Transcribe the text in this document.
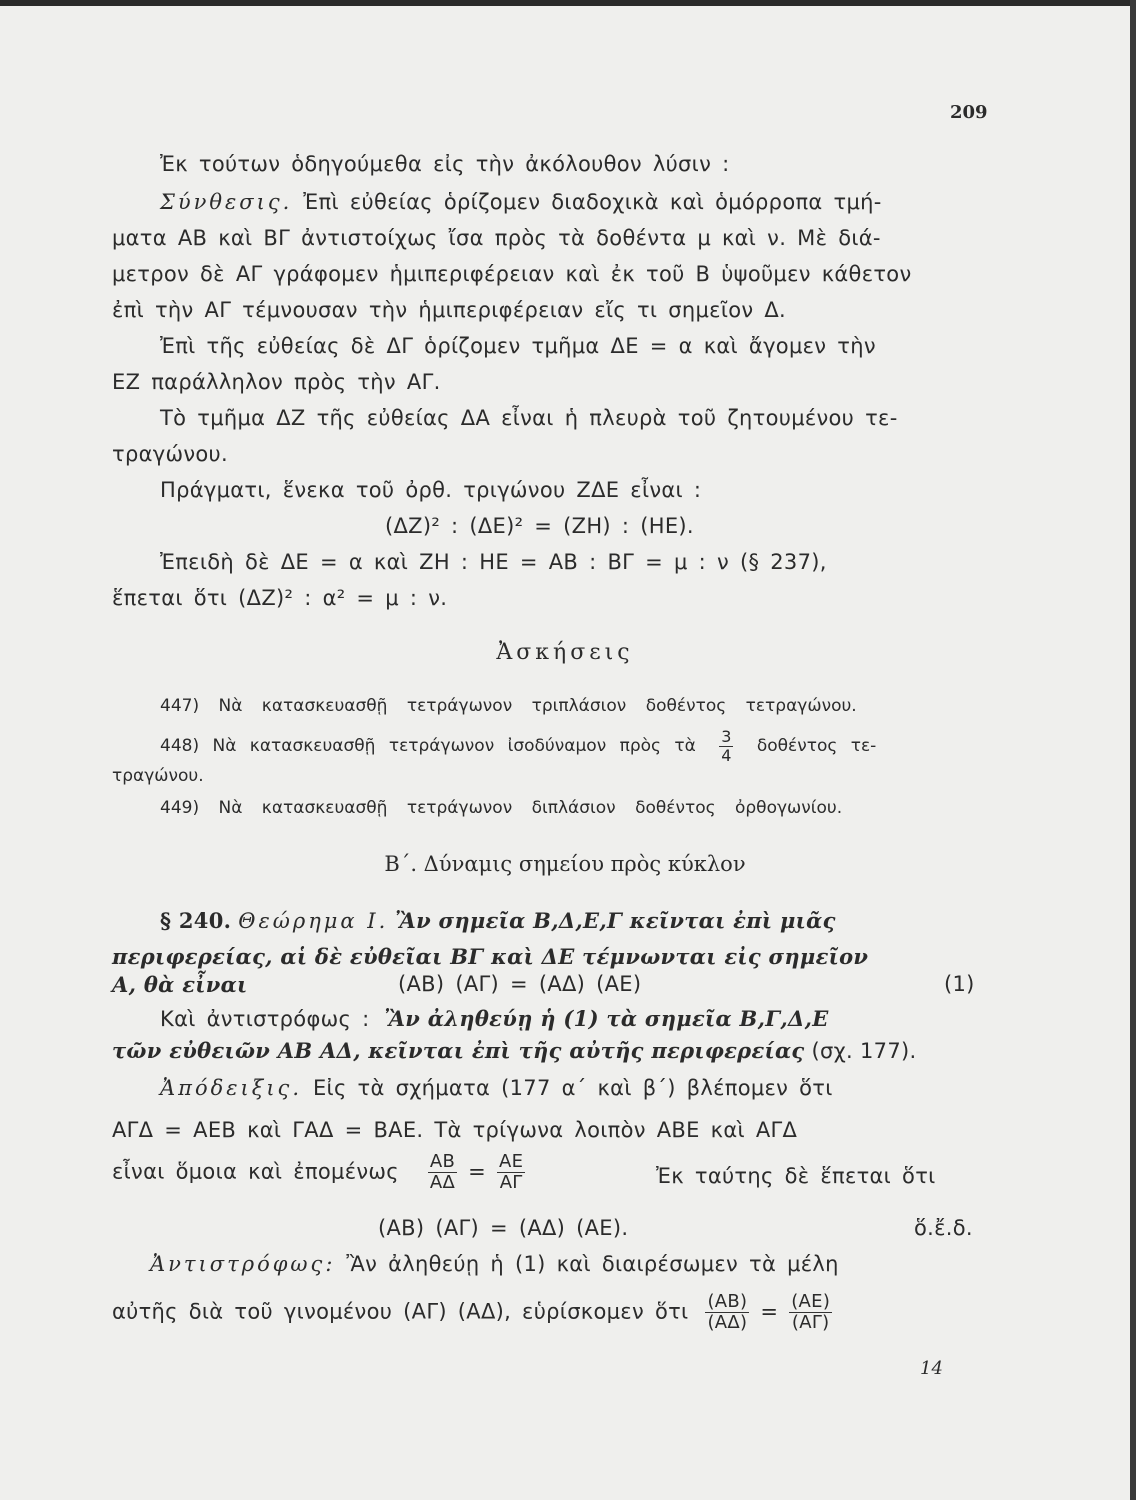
209
Ἐκ τούτων ὁδηγούμεθα εἰς τὴν ἀκόλουθον λύσιν :
Σύνθεσις. Ἐπὶ εὐθείας ὁρίζομεν διαδοχικὰ καὶ ὁμόρροπα τμή-
ματα ΑΒ καὶ ΒΓ ἀντιστοίχως ἴσα πρὸς τὰ δοθέντα μ καὶ ν. Μὲ διά-
μετρον δὲ ΑΓ γράφομεν ἡμιπεριφέρειαν καὶ ἐκ τοῦ Β ὑψοῦμεν κάθετον
ἐπὶ τὴν ΑΓ τέμνουσαν τὴν ἡμιπεριφέρειαν εἴς τι σημεῖον Δ.
Ἐπὶ τῆς εὐθείας δὲ ΔΓ ὁρίζομεν τμῆμα ΔΕ = α καὶ ἄγομεν τὴν
ΕΖ παράλληλον πρὸς τὴν ΑΓ.
Τὸ τμῆμα ΔΖ τῆς εὐθείας ΔΑ εἶναι ἡ πλευρὰ τοῦ ζητουμένου τε-
τραγώνου.
Πράγματι, ἕνεκα τοῦ ὀρθ. τριγώνου ΖΔΕ εἶναι :
(ΔΖ)² : (ΔΕ)² = (ΖΗ) : (ΗΕ).
Ἐπειδὴ δὲ ΔΕ = α καὶ ΖΗ : ΗΕ = ΑΒ : ΒΓ = μ : ν (§ 237),
ἕπεται ὅτι (ΔΖ)² : α² = μ : ν.
Ἀσκήσεις
447) Νὰ κατασκευασθῇ τετράγωνον τριπλάσιον δοθέντος τετραγώνου.
448) Νὰ κατασκευασθῇ τετράγωνον ἰσοδύναμον πρὸς τὰ $\frac{3}{4}$ δοθέντος τε-
τραγώνου.
449) Νὰ κατασκευασθῇ τετράγωνον διπλάσιον δοθέντος ὀρθογωνίου.
Β΄. Δύναμις σημείου πρὸς κύκλον
§ 240. Θεώρημα Ι. Ἂν σημεῖα Β,Δ,Ε,Γ κεῖνται ἐπὶ μιᾶς
περιφερείας, αἱ δὲ εὐθεῖαι ΒΓ καὶ ΔΕ τέμνωνται εἰς σημεῖον
Α, θὰ εἶναι	(ΑΒ) (ΑΓ) = (ΑΔ) (ΑΕ)	(1)
Καὶ ἀντιστρόφως : Ἂν ἀληθεύῃ ἡ (1) τὰ σημεῖα Β,Γ,Δ,Ε
τῶν εὐθειῶν ΑΒ ΑΔ, κεῖνται ἐπὶ τῆς αὐτῆς περιφερείας (σχ. 177).
Ἀπόδειξις. Εἰς τὰ σχήματα (177 α΄ καὶ β΄) βλέπομεν ὅτι
ΑΓΔ = ΑΕΒ καὶ ΓΑΔ = ΒΑΕ. Τὰ τρίγωνα λοιπὸν ΑΒΕ καὶ ΑΓΔ
εἶναι ὅμοια καὶ ἐπομένως $\frac{AB}{A\Delta} = \frac{AE}{A\Gamma}$	Ἐκ ταύτης δὲ ἕπεται ὅτι
(ΑΒ) (ΑΓ) = (ΑΔ) (ΑΕ).	ὅ.ἔ.δ.
Ἀντιστρόφως: Ἂν ἀληθεύῃ ἡ (1) καὶ διαιρέσωμεν τὰ μέλη
αὐτῆς διὰ τοῦ γινομένου (ΑΓ) (ΑΔ), εὑρίσκομεν ὅτι $\frac{(AB)}{(A\Delta)} = \frac{(AE)}{(A\Gamma)}$
14
